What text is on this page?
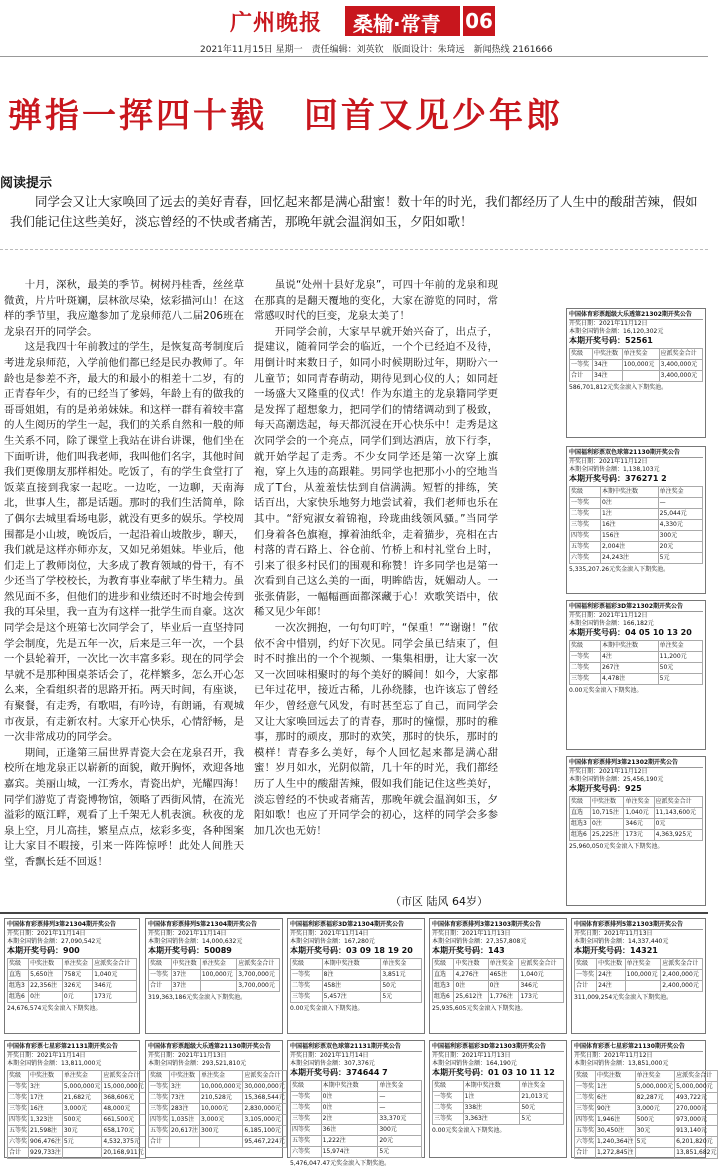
广州晚报	桑榆·常青	06
2021年11月15日 星期一　责任编辑：刘英钦　版面设计：朱琦远　新闻热线 2161666
弹指一挥四十载　回首又见少年郎
阅读提示
同学会又让大家唤回了远去的美好青春，回忆起来都是满心甜蜜！数十年的时光，我们都经历了人生中的酸甜苦辣，假如我们能记住这些美好，淡忘曾经的不快或者痛苦，那晚年就会温润如玉，夕阳如歌！

十月，深秋，最美的季节。树树丹桂香，丝丝草微黄，片片叶斑斓，层林欲尽染，炫彩描河山！在这样的季节里，我应邀参加了龙泉师范八二届206班在龙泉召开的同学会。

这是我四十年前教过的学生，是恢复高考制度后考进龙泉师范，入学前他们都已经是民办教师了。年龄也是参差不齐，最大的和最小的相差十二岁，有的正青春年少，有的已经当了爹妈，年龄上有的做我的哥哥姐姐，有的是弟弟妹妹。和这样一群有着较丰富的人生阅历的学生一起，我们的关系自然和一般的师生关系不同，除了课堂上我站在讲台讲课，他们坐在下面听讲，他们叫我老师，我叫他们名字，其他时间我们更像朋友那样相处。吃饭了，有的学生食堂打了饭菜直接到我家一起吃。一边吃，一边聊，天南海北，世事人生，都是话题。那时的我们生活简单，除了偶尔去城里看场电影，就没有更多的娱乐。学校周围都是小山坡，晚饭后，一起沿着山坡散步，聊天，我们就是这样亦师亦友，又如兄弟姐妹。毕业后，他们走上了教师岗位，大多成了教育领域的骨干，有不少还当了学校校长，为教育事业奉献了毕生精力。虽然见面不多，但他们的进步和业绩还时不时地会传到我的耳朵里，我一直为有这样一批学生而自豪。这次同学会是这个班第七次同学会了，毕业后一直坚持同学会制度，先是五年一次，后来是三年一次，一个县一个县轮着开，一次比一次丰富多彩。现在的同学会早就不是那种围桌茶话会了，花样繁多，怎么开心怎么来，全看组织者的思路开拓。两天时间，有座谈，有聚餐，有走秀，有歌唱，有吟诗，有朗诵，有观城市夜景，有走新农村。大家开心快乐，心情舒畅，是一次非常成功的同学会。

期间，正逢第三届世界青瓷大会在龙泉召开，我校所在地龙泉正以崭新的面貌，敞开胸怀，欢迎各地嘉宾。美丽山城，一江秀水，青瓷出炉，光耀四海！同学们游览了青瓷博物馆，领略了西街风情，在流光溢彩的瓯江畔，观看了上千架无人机表演。秋夜的龙泉上空，月儿高挂，繁星点点，炫彩多变，各种图案让大家目不暇接，引来一阵阵惊呼！此处人间胜天堂，香飘长廷不回返！

虽说“处州十县好龙泉”，可四十年前的龙泉和现在那真的是翻天覆地的变化，大家在游览的同时，常常感叹时代的巨变，龙泉太美了！

开同学会前，大家早早就开始兴奋了，出点子，提建议，随着同学会的临近，一个个已经迫不及待，用倒计时来数日子，如同小时候期盼过年，期盼六一儿童节；如同青春萌动，期待见到心仪的人；如同赶一场盛大又隆重的仪式！作为东道主的龙泉籍同学更是发挥了超想象力，把同学们的情绪调动到了极致，每天高潮迭起，每天都沉浸在开心快乐中！走秀是这次同学会的一个亮点，同学们到达酒店，放下行李，就开始学起了走秀。不少女同学还是第一次穿上旗袍，穿上久违的高跟鞋。男同学也把那小小的空地当成了T台，从羞羞怯怯到自信满满。短暂的排练，笑话百出，大家快乐地努力地尝试着，我们老师也乐在其中。“舒宛淑女着锦袍，玲珑曲线领风骚。”当同学们身着各色旗袍，撑着油纸伞，走着猫步，亮相在古村落的青石路上、谷仓前、竹桥上和村礼堂台上时，引来了很多村民们的围观和称赞！许多同学也是第一次看到自己这么美的一面，明眸皓齿，妩媚动人。一张张倩影，一幅幅画面都深藏于心！欢歌笑语中，依稀又见少年郎！

一次次拥抱，一句句叮咛，“保重！”“谢谢！”依依不舍中惜别，约好下次见。同学会虽已结束了，但时不时推出的一个个视频、一集集相册，让大家一次又一次回味相聚时的每个美好的瞬间！如今，大家都已年过花甲，接近古稀，儿孙绕膝，也许该忘了曾经年少，曾经意气风发，有时甚至忘了自己，而同学会又让大家唤回远去了的青春，那时的憧憬，那时的稚事，那时的顽皮，那时的欢笑，那时的快乐，那时的模样！青春多么美好，每个人回忆起来都是满心甜蜜！岁月如水，光阴似箭，几十年的时光，我们都经历了人生中的酸甜苦辣，假如我们能记住这些美好，淡忘曾经的不快或者痛苦，那晚年就会温润如玉，夕阳如歌！也应了开同学会的初心，这样的同学会多参加几次也无妨！

（市区 陆风 64岁）
中国体育彩票超级大乐透第21302期开奖公告
开奖日期：2021年11月12日
本期全国销售金额：16,120,302元
本期开奖号码：52561
奖级	中奖注数	单注奖金	应派奖金合计
一等奖	34注	100,000元	3,400,000元
合计	34注		3,400,000元
586,701,812元奖金滚入下期奖池。
中国福利彩票双色球第21130期开奖公告
开奖日期：2021年11月12日
本期全国销售金额：1,138,103元
本期开奖号码：376271 2
奖级	本期中奖注数	单注奖金
一等奖	0注	—
二等奖	1注	25,044元
三等奖	16注	4,330元
四等奖	156注	300元
五等奖	2,004注	20元
六等奖	24,243注	5元
5,335,207.26元奖金滚入下期奖池。
中国福利彩票福彩3D第21302期开奖公告
开奖日期：2021年11月12日
本期全国销售金额：166,182元
本期开奖号码：04 05 10 13 20
奖级	本期中奖注数	单注奖金
一等奖	4注	11,200元
二等奖	267注	50元
三等奖	4,478注	5元
0.00元奖金滚入下期奖池。
中国体育彩票排列3第21302期开奖公告
开奖日期：2021年11月12日
本期全国销售金额：25,456,190元
本期开奖号码：925
奖级	中奖注数	单注奖金	应派奖金合计
直选	10,715注	1,040元	11,143,600元
组选3	0注	346元	0元
组选6	25,225注	173元	4,363,925元
25,960,050元奖金滚入下期奖池。
中国体育彩票排列3第21304期开奖公告
开奖日期：2021年11月14日
本期全国销售金额：27,090,542元
本期开奖号码：900
奖级	中奖注数	单注奖金	应派奖金合计
直选	5,650注	758元	1,040元
组选3	22,356注	326元	346元
组选6	0注	0元	173元
24,676,574元奖金滚入下期奖池。
中国体育彩票排列5第21304期开奖公告
开奖日期：2021年11月14日
本期全国销售金额：14,000,632元
本期开奖号码：50089
奖级	中奖注数	单注奖金	应派奖金合计
一等奖	37注	100,000元	3,700,000元
合计	37注		3,700,000元
319,363,186元奖金滚入下期奖池。
中国福利彩票福彩3D第21304期开奖公告
开奖日期：2021年11月14日
本期全国销售金额：167,280元
本期开奖号码：03 09 18 19 20
奖级	本期中奖注数	单注奖金
一等奖	8注	3,851元
二等奖	458注	50元
三等奖	5,457注	5元
0.00元奖金滚入下期奖池。
中国体育彩票排列3第21303期开奖公告
开奖日期：2021年11月13日
本期全国销售金额：27,357,808元
本期开奖号码：143
奖级	中奖注数	单注奖金	应派奖金合计
直选	4,276注	465注	1,040元
组选3	0注	0注	346元
组选6	25,612注	1,776注	173元
25,935,605元奖金滚入下期奖池。
中国体育彩票排列5第21303期开奖公告
开奖日期：2021年11月13日
本期全国销售金额：14,337,440元
本期开奖号码：14321
奖级	中奖注数	单注奖金	应派奖金合计
一等奖	24注	100,000元	2,400,000元
合计	24注		2,400,000元
311,009,254元奖金滚入下期奖池。
中国体育彩票七星彩第21131期开奖公告
开奖日期：2021年11月14日
本期全国销售金额：13,811,000元
奖级	中奖注数	单注奖金	应派奖金合计
一等奖	3注	5,000,000元	15,000,000元
二等奖	17注	21,682元	368,606元
三等奖	16注	3,000元	48,000元
四等奖	1,323注	500元	661,500元
五等奖	21,598注	30元	658,170元
六等奖	906,476注	5元	4,532,375元
合计	929,733注		20,168,911元
中国体育彩票超级大乐透第21130期开奖公告
开奖日期：2021年11月13日
本期全国销售金额：293,521,810元
奖级	中奖注数	单注奖金	应派奖金合计
一等奖	3注	10,000,000元	30,000,000元
二等奖	73注	210,528元	15,368,544元
三等奖	283注	10,000元	2,830,000元
四等奖	1,035注	3,000元	3,105,000元
五等奖	20,617注	300元	6,185,100元
合计			95,467,224元
中国福利彩票双色球第21131期开奖公告
开奖日期：2021年11月14日
本期全国销售金额：307,376元
本期开奖号码：374644 7
奖级	本期中奖注数	单注奖金
一等奖	0注	—
二等奖	0注	—
三等奖	2注	33,370元
四等奖	36注	300元
五等奖	1,222注	20元
六等奖	15,974注	5元
5,476,047.47元奖金滚入下期奖池。
中国福利彩票福彩3D第21303期开奖公告
开奖日期：2021年11月13日
本期全国销售金额：164,190元
本期开奖号码：01 03 10 11 12
奖级	本期中奖注数	单注奖金
一等奖	1注	21,013元
二等奖	338注	50元
三等奖	3,363注	5元
0.00元奖金滚入下期奖池。
中国体育彩票七星彩第21130期开奖公告
开奖日期：2021年11月12日
本期全国销售金额：13,851,000元
奖级	中奖注数	单注奖金	应派奖金合计
一等奖	1注	5,000,000元	5,000,000元
二等奖	6注	82,287元	493,722元
三等奖	90注	3,000元	270,000元
四等奖	1,946注	500元	973,000元
五等奖	30,450注	30元	913,140元
六等奖	1,240,364注	5元	6,201,820元
合计	1,272,845注		13,851,682元
